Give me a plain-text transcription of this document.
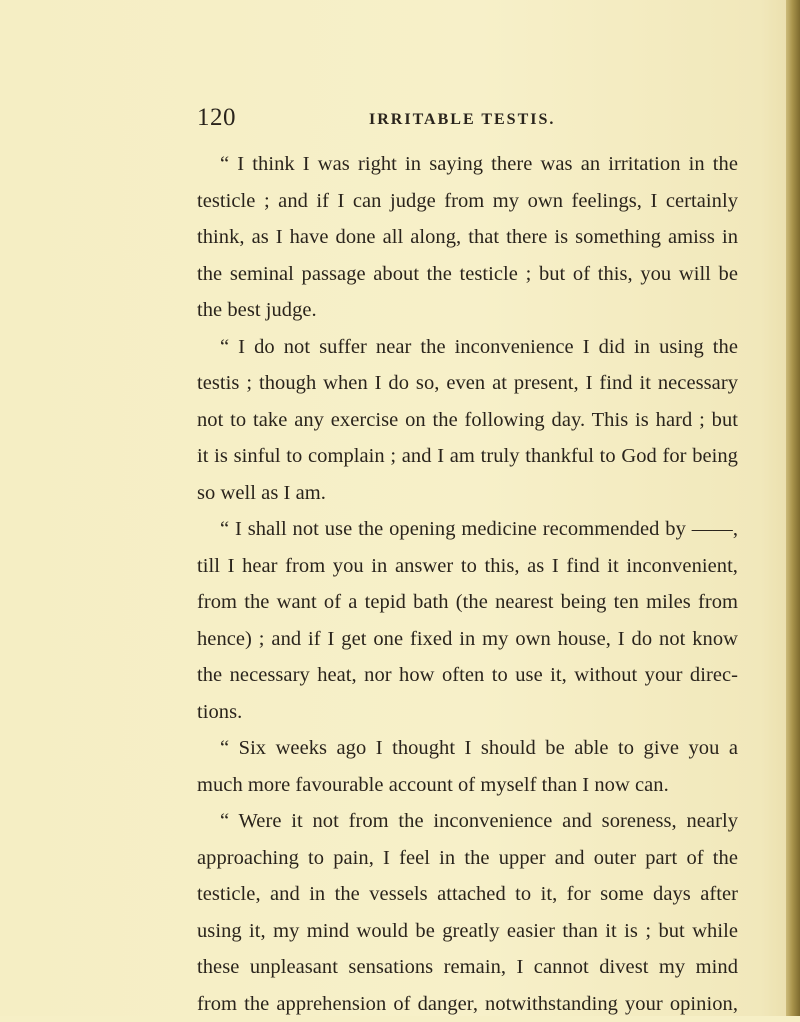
120	IRRITABLE TESTIS.
“ I think I was right in saying there was an irritation in the
testicle ; and if I can judge from my own feelings, I certainly
think, as I have done all along, that there is something amiss in
the seminal passage about the testicle ; but of this, you will be
the best judge.
“ I do not suffer near the inconvenience I did in using the
testis ; though when I do so, even at present, I find it necessary
not to take any exercise on the following day. This is hard ; but
it is sinful to complain ; and I am truly thankful to God for being
so well as I am.
“ I shall not use the opening medicine recommended by ——,
till I hear from you in answer to this, as I find it inconvenient,
from the want of a tepid bath (the nearest being ten miles from
hence) ; and if I get one fixed in my own house, I do not know
the necessary heat, nor how often to use it, without your direc-
tions.
“ Six weeks ago I thought I should be able to give you a
much more favourable account of myself than I now can.
“ Were it not from the inconvenience and soreness, nearly
approaching to pain, I feel in the upper and outer part of the
testicle, and in the vessels attached to it, for some days after
using it, my mind would be greatly easier than it is ; but while
these unpleasant sensations remain, I cannot divest my mind
from the apprehension of danger, notwithstanding your opinion,
